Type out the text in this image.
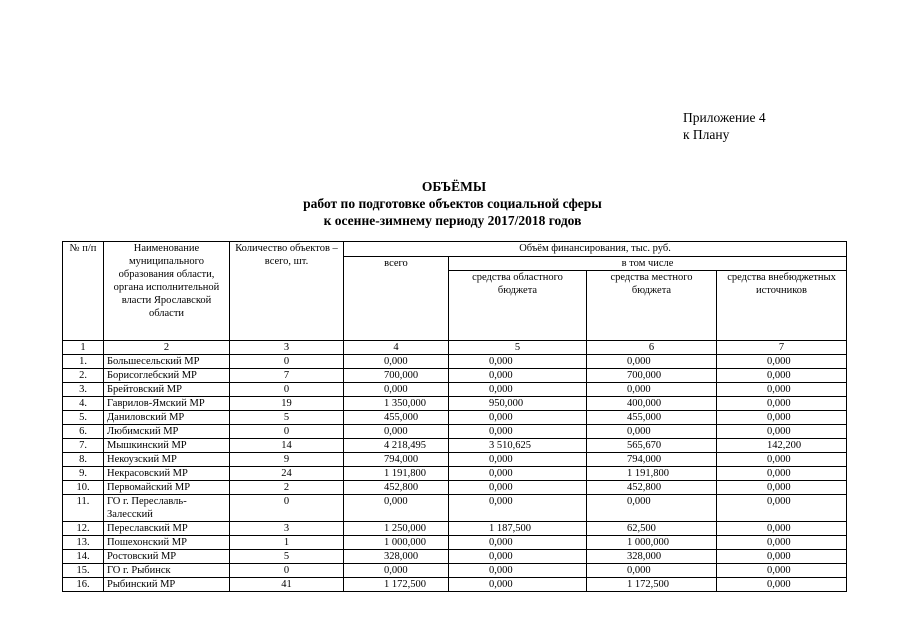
Приложение 4
к Плану
ОБЪЁМЫ
работ по подготовке объектов социальной сферы
к осенне-зимнему периоду 2017/2018 годов
№ п/п	Наименование муниципального образования области, органа исполнительной власти Ярославской области	Количество объектов – всего, шт.	Объём финансирования, тыс. руб.			
			всего	в том числе		
				средства областного бюджета	средства местного бюджета	средства внебюджетных источников
1	2	3	4	5	6	7
1.	Большесельский МР	0	0,000	0,000	0,000	0,000
2.	Борисоглебский МР	7	700,000	0,000	700,000	0,000
3.	Брейтовский МР	0	0,000	0,000	0,000	0,000
4.	Гаврилов-Ямский МР	19	1 350,000	950,000	400,000	0,000
5.	Даниловский МР	5	455,000	0,000	455,000	0,000
6.	Любимский МР	0	0,000	0,000	0,000	0,000
7.	Мышкинский МР	14	4 218,495	3 510,625	565,670	142,200
8.	Некоузский МР	9	794,000	0,000	794,000	0,000
9.	Некрасовский МР	24	1 191,800	0,000	1 191,800	0,000
10.	Первомайский МР	2	452,800	0,000	452,800	0,000
11.	ГО г. Переславль-Залесский	0	0,000	0,000	0,000	0,000
12.	Переславский МР	3	1 250,000	1 187,500	62,500	0,000
13.	Пошехонский МР	1	1 000,000	0,000	1 000,000	0,000
14.	Ростовский МР	5	328,000	0,000	328,000	0,000
15.	ГО г. Рыбинск	0	0,000	0,000	0,000	0,000
16.	Рыбинский МР	41	1 172,500	0,000	1 172,500	0,000
